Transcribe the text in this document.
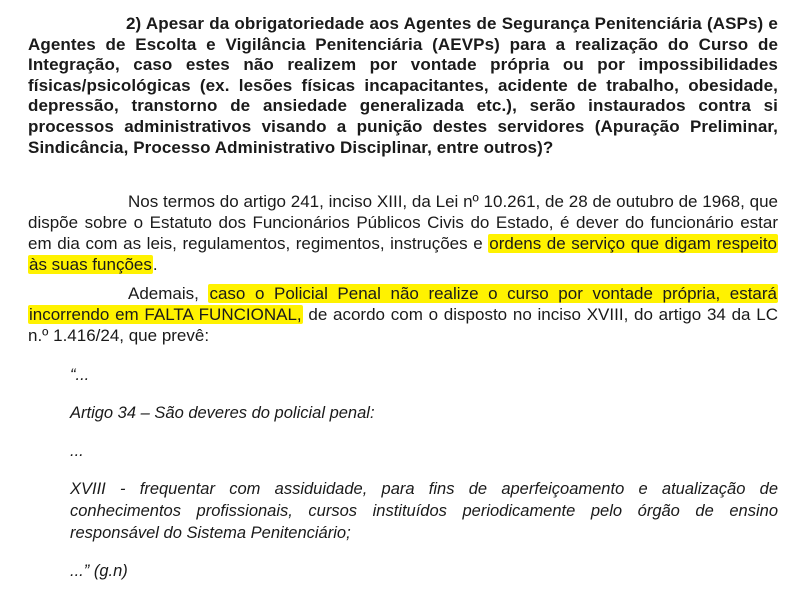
2) Apesar da obrigatoriedade aos Agentes de Segurança Penitenciária (ASPs) e Agentes de Escolta e Vigilância Penitenciária (AEVPs) para a realização do Curso de Integração, caso estes não realizem por vontade própria ou por impossibilidades físicas/psicológicas (ex. lesões físicas incapacitantes, acidente de trabalho, obesidade, depressão, transtorno de ansiedade generalizada etc.), serão instaurados contra si processos administrativos visando a punição destes servidores (Apuração Preliminar, Sindicância, Processo Administrativo Disciplinar, entre outros)?

Nos termos do artigo 241, inciso XIII, da Lei nº 10.261, de 28 de outubro de 1968, que dispõe sobre o Estatuto dos Funcionários Públicos Civis do Estado, é dever do funcionário estar em dia com as leis, regulamentos, regimentos, instruções e ordens de serviço que digam respeito às suas funções.

Ademais, caso o Policial Penal não realize o curso por vontade própria, estará incorrendo em FALTA FUNCIONAL, de acordo com o disposto no inciso XVIII, do artigo 34 da LC n.º 1.416/24, que prevê:

“...

Artigo 34 – São deveres do policial penal:

...

XVIII - frequentar com assiduidade, para fins de aperfeiçoamento e atualização de conhecimentos profissionais, cursos instituídos periodicamente pelo órgão de ensino responsável do Sistema Penitenciário;

...” (g.n)
